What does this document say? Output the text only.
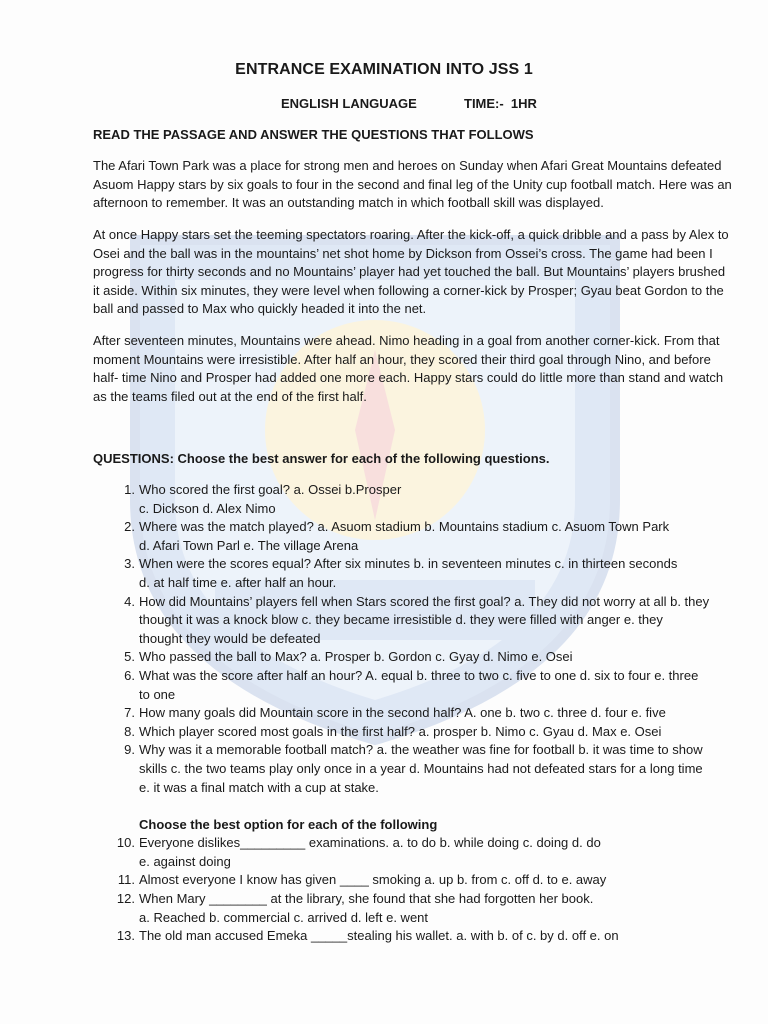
ENTRANCE EXAMINATION INTO JSS 1
ENGLISH LANGUAGE	TIME:-  1HR
READ THE PASSAGE AND ANSWER THE QUESTIONS THAT FOLLOWS
The Afari Town Park was a place for strong men and heroes on Sunday when Afari Great Mountains defeated Asuom Happy stars by six goals to four in the second and final leg of the Unity cup football match. Here was an afternoon to remember. It was an outstanding match in which football skill was displayed.
At once Happy stars set the teeming spectators roaring. After the kick-off, a quick dribble and a pass by Alex to Osei and the ball was in the mountains’ net shot home by Dickson from Ossei’s cross. The game had been I progress for thirty seconds and no Mountains’ player had yet touched the ball. But Mountains’ players brushed it aside. Within six minutes, they were level when following a corner-kick by Prosper; Gyau beat Gordon to the ball and passed to Max who quickly headed it into the net.
After seventeen minutes, Mountains were ahead. Nimo heading in a goal from another corner-kick. From that moment Mountains were irresistible. After half an hour, they scored their third goal through Nino, and before half- time Nino and Prosper had added one more each. Happy stars could do little more than stand and watch as the teams filed out at the end of the first half.
QUESTIONS: Choose the best answer for each of the following questions.
1. Who scored the first goal? a. Ossei b.Prosper
c. Dickson d. Alex Nimo
2. Where was the match played? a. Asuom stadium b. Mountains stadium c. Asuom Town Park
d. Afari Town Parl e. The village Arena
3. When were the scores equal? After six minutes b. in seventeen minutes c. in thirteen seconds
d. at half time e. after half an hour.
4. How did Mountains’ players fell when Stars scored the first goal? a. They did not worry at all b. they
thought it was a knock blow c. they became irresistible d. they were filled with anger e. they
thought they would be defeated
5. Who passed the ball to Max? a. Prosper b. Gordon c. Gyay d. Nimo e. Osei
6. What was the score after half an hour? A. equal b. three to two c. five to one d. six to four e. three
to one
7. How many goals did Mountain score in the second half? A. one b. two c. three d. four e. five
8. Which player scored most goals in the first half? a. prosper b. Nimo c. Gyau d. Max e. Osei
9. Why was it a memorable football match? a. the weather was fine for football b. it was time to show
skills c. the two teams play only once in a year d. Mountains had not defeated stars for a long time
e. it was a final match with a cup at stake.
Choose the best option for each of the following
10. Everyone dislikes_________ examinations. a. to do b. while doing c. doing d. do
e. against doing
11. Almost everyone I know has given ____ smoking a. up b. from c. off d. to e. away
12. When Mary ________ at the library, she found that she had forgotten her book.
a. Reached b. commercial c. arrived d. left e. went
13. The old man accused Emeka _____stealing his wallet. a. with b. of c. by d. off e. on
